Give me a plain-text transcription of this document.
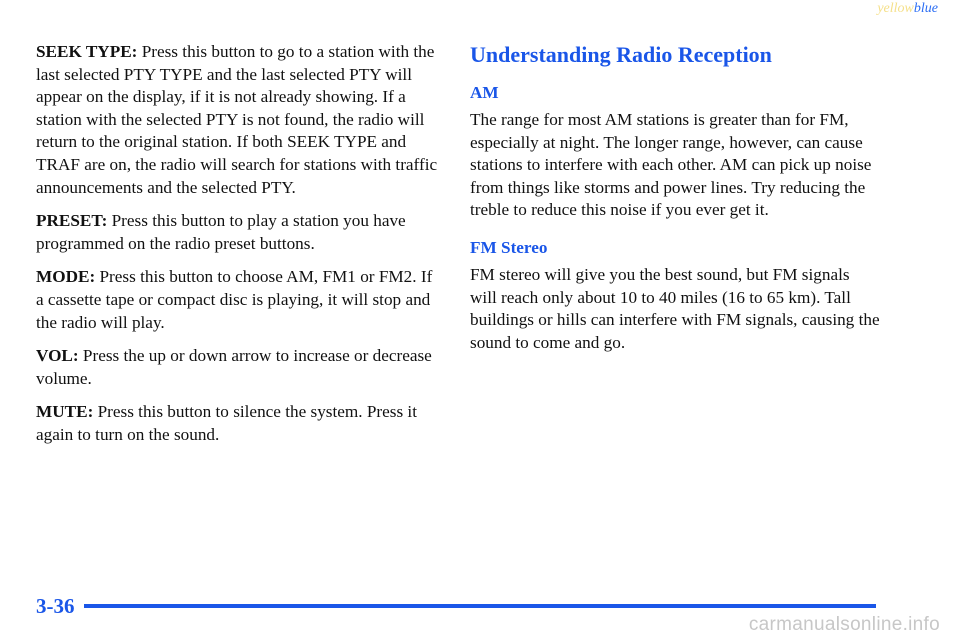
yellowblue

SEEK TYPE: Press this button to go to a station with the last selected PTY TYPE and the last selected PTY will appear on the display, if it is not already showing. If a station with the selected PTY is not found, the radio will return to the original station. If both SEEK TYPE and TRAF are on, the radio will search for stations with traffic announcements and the selected PTY.

PRESET: Press this button to play a station you have programmed on the radio preset buttons.

MODE: Press this button to choose AM, FM1 or FM2. If a cassette tape or compact disc is playing, it will stop and the radio will play.

VOL: Press the up or down arrow to increase or decrease volume.

MUTE: Press this button to silence the system. Press it again to turn on the sound.

Understanding Radio Reception
AM

The range for most AM stations is greater than for FM, especially at night. The longer range, however, can cause stations to interfere with each other. AM can pick up noise from things like storms and power lines. Try reducing the treble to reduce this noise if you ever get it.

FM Stereo

FM stereo will give you the best sound, but FM signals will reach only about 10 to 40 miles (16 to 65 km). Tall buildings or hills can interfere with FM signals, causing the sound to come and go.

3-36
carmanualsonline.info
